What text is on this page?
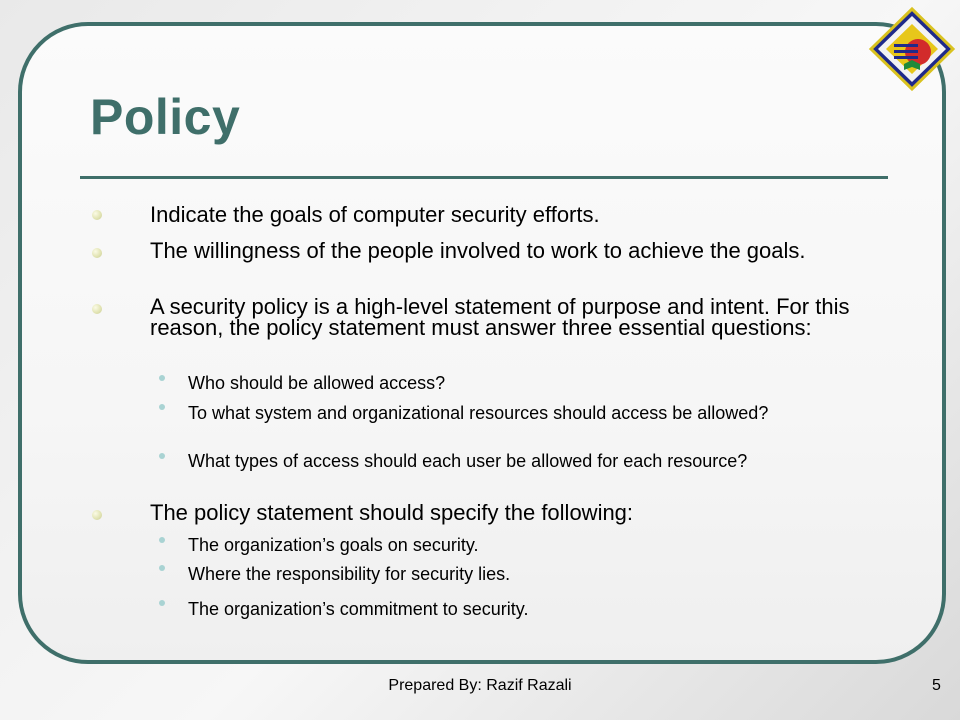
Policy
Indicate the goals of computer security efforts.
The willingness of the people involved to work to achieve the goals.
A security policy is a high-level statement of purpose and intent. For this reason, the policy statement must answer three essential questions:
Who should be allowed access?
To what system and organizational resources should access be allowed?
What types of access should each user be allowed for each resource?
The policy statement should specify the following:
The organization’s goals on security.
Where the responsibility for security lies.
The organization’s commitment to security.
Prepared By: Razif Razali	5
